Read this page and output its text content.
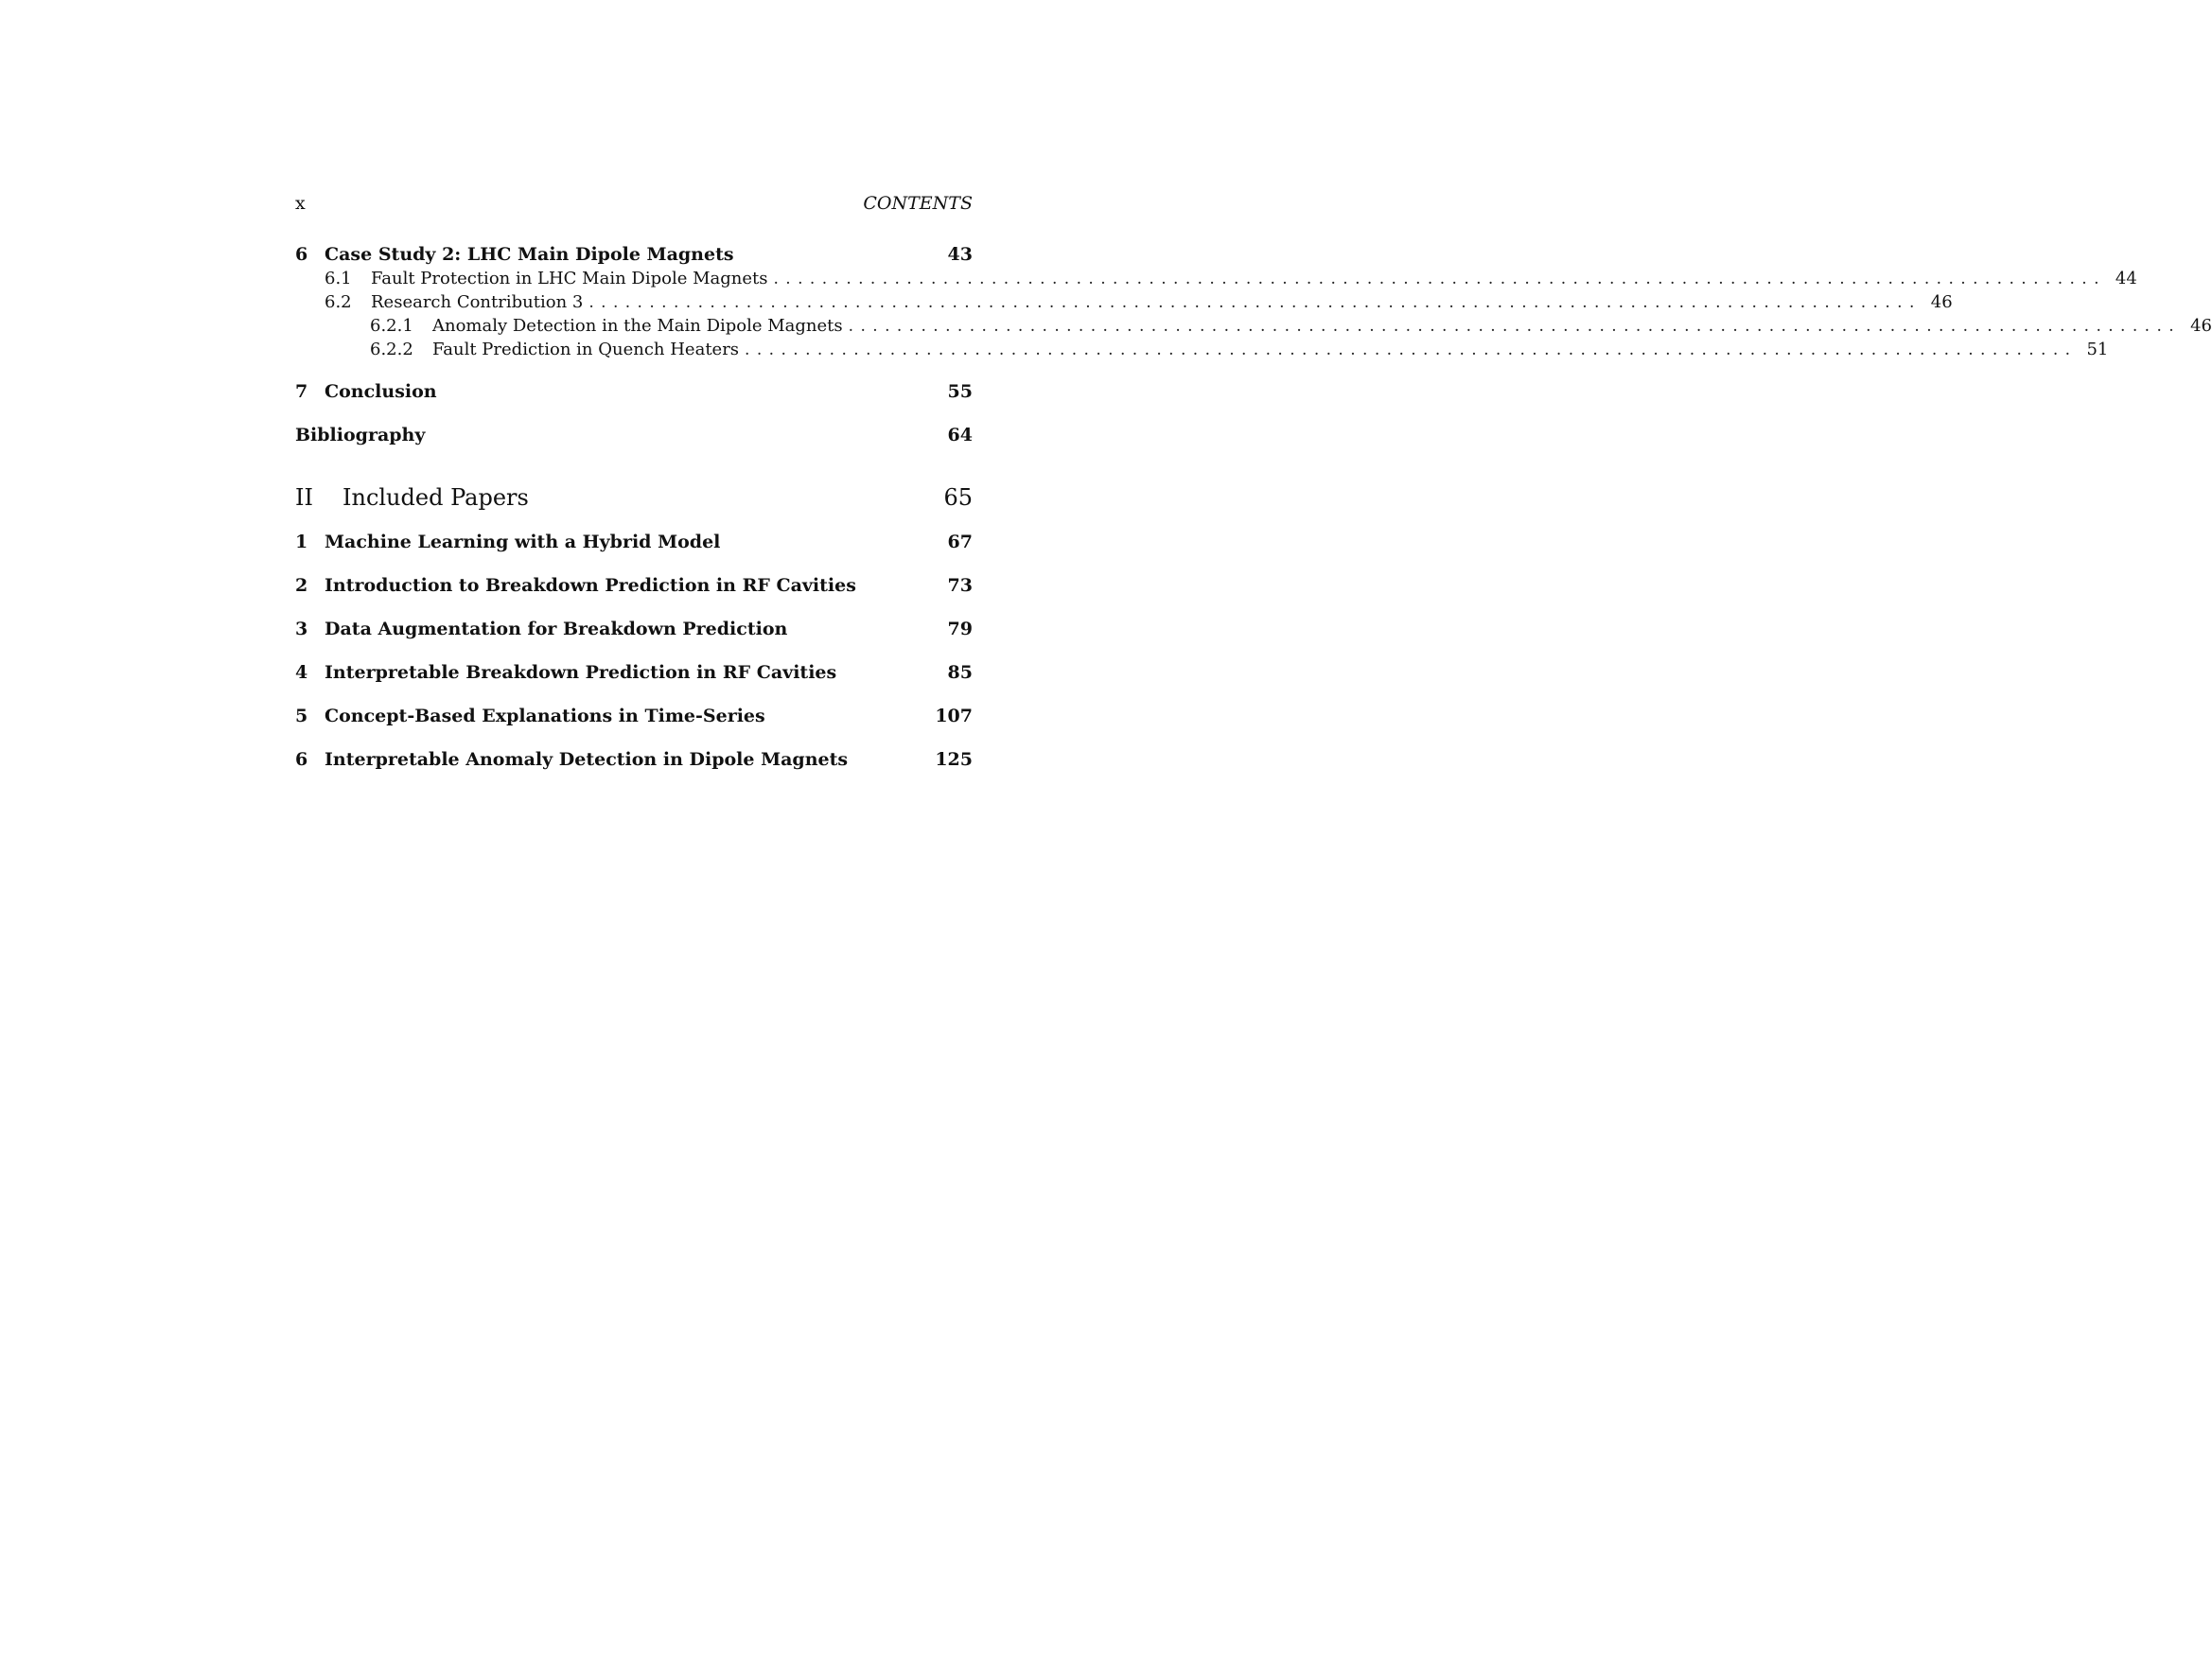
x	CONTENTS
6 Case Study 2: LHC Main Dipole Magnets	43
6.1	Fault Protection in LHC Main Dipole Magnets .............................................................................................................. 44
6.2	Research Contribution 3 .............................................................................................................. 46
6.2.1	Anomaly Detection in the Main Dipole Magnets .............................................................................................................. 46
6.2.2	Fault Prediction in Quench Heaters .............................................................................................................. 51
7 Conclusion	55
Bibliography	64
II	Included Papers	65
1 Machine Learning with a Hybrid Model	67
2 Introduction to Breakdown Prediction in RF Cavities	73
3 Data Augmentation for Breakdown Prediction	79
4 Interpretable Breakdown Prediction in RF Cavities	85
5 Concept-Based Explanations in Time-Series	107
6 Interpretable Anomaly Detection in Dipole Magnets	125
